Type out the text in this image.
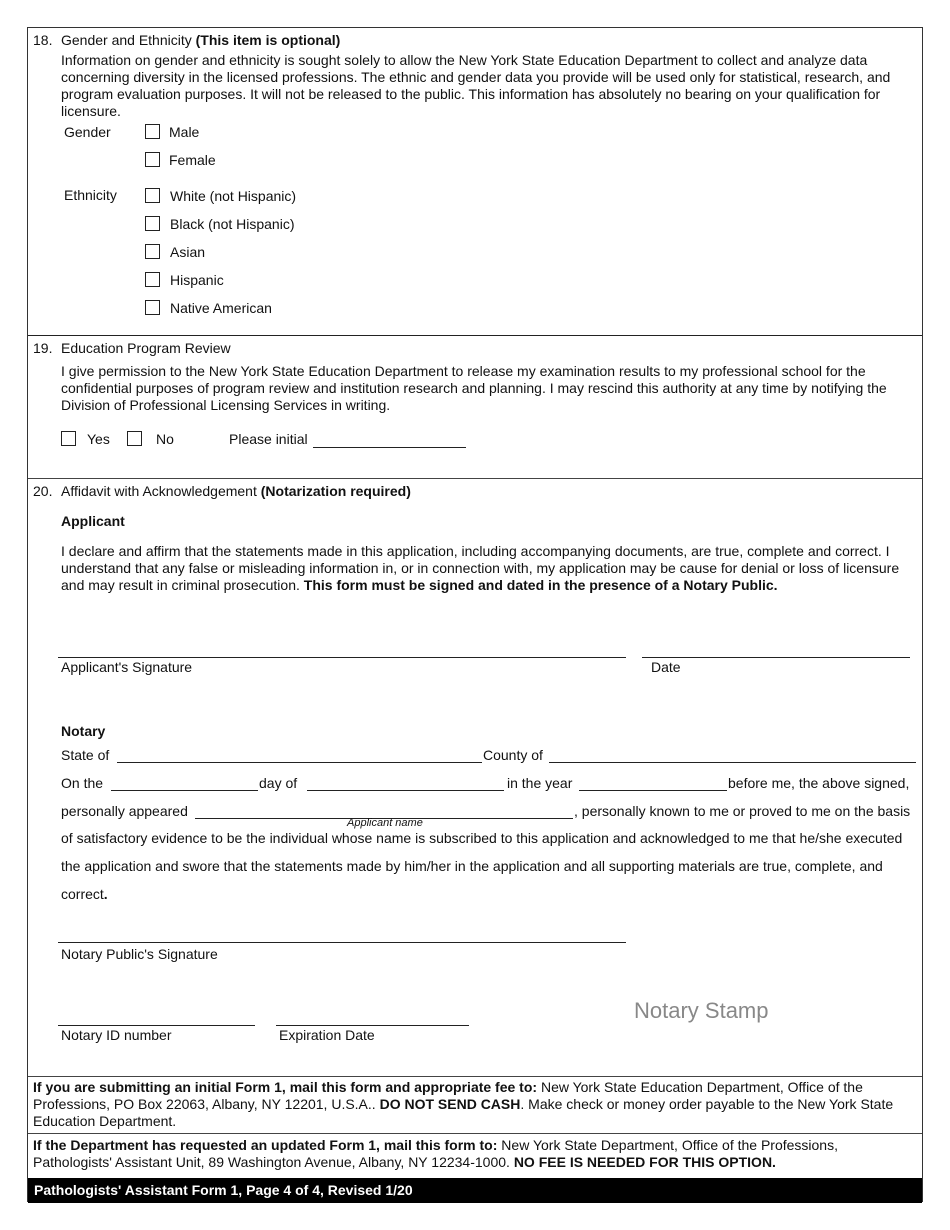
18. Gender and Ethnicity (This item is optional)
Information on gender and ethnicity is sought solely to allow the New York State Education Department to collect and analyze data concerning diversity in the licensed professions. The ethnic and gender data you provide will be used only for statistical, research, and program evaluation purposes. It will not be released to the public. This information has absolutely no bearing on your qualification for licensure.
Gender	Male
Female
Ethnicity	White (not Hispanic)
Black (not Hispanic)
Asian
Hispanic
Native American
19. Education Program Review
I give permission to the New York State Education Department to release my examination results to my professional school for the confidential purposes of program review and institution research and planning. I may rescind this authority at any time by notifying the Division of Professional Licensing Services in writing.
Yes	No	Please initial
20. Affidavit with Acknowledgement (Notarization required)
Applicant
I declare and affirm that the statements made in this application, including accompanying documents, are true, complete and correct. I understand that any false or misleading information in, or in connection with, my application may be cause for denial or loss of licensure and may result in criminal prosecution. This form must be signed and dated in the presence of a Notary Public.
Applicant's Signature	Date
Notary
State of	County of
On the	day of	in the year	before me, the above signed,
personally appeared	, personally known to me or proved to me on the basis
Applicant name
of satisfactory evidence to be the individual whose name is subscribed to this application and acknowledged to me that he/she executed
the application and swore that the statements made by him/her in the application and all supporting materials are true, complete, and
correct.
Notary Public's Signature
Notary Stamp
Notary ID number	Expiration Date
If you are submitting an initial Form 1, mail this form and appropriate fee to: New York State Education Department, Office of the Professions, PO Box 22063, Albany, NY 12201, U.S.A.. DO NOT SEND CASH. Make check or money order payable to the New York State Education Department.
If the Department has requested an updated Form 1, mail this form to: New York State Department, Office of the Professions, Pathologists' Assistant Unit, 89 Washington Avenue, Albany, NY 12234-1000. NO FEE IS NEEDED FOR THIS OPTION.
Pathologists' Assistant Form 1, Page 4 of 4, Revised 1/20
